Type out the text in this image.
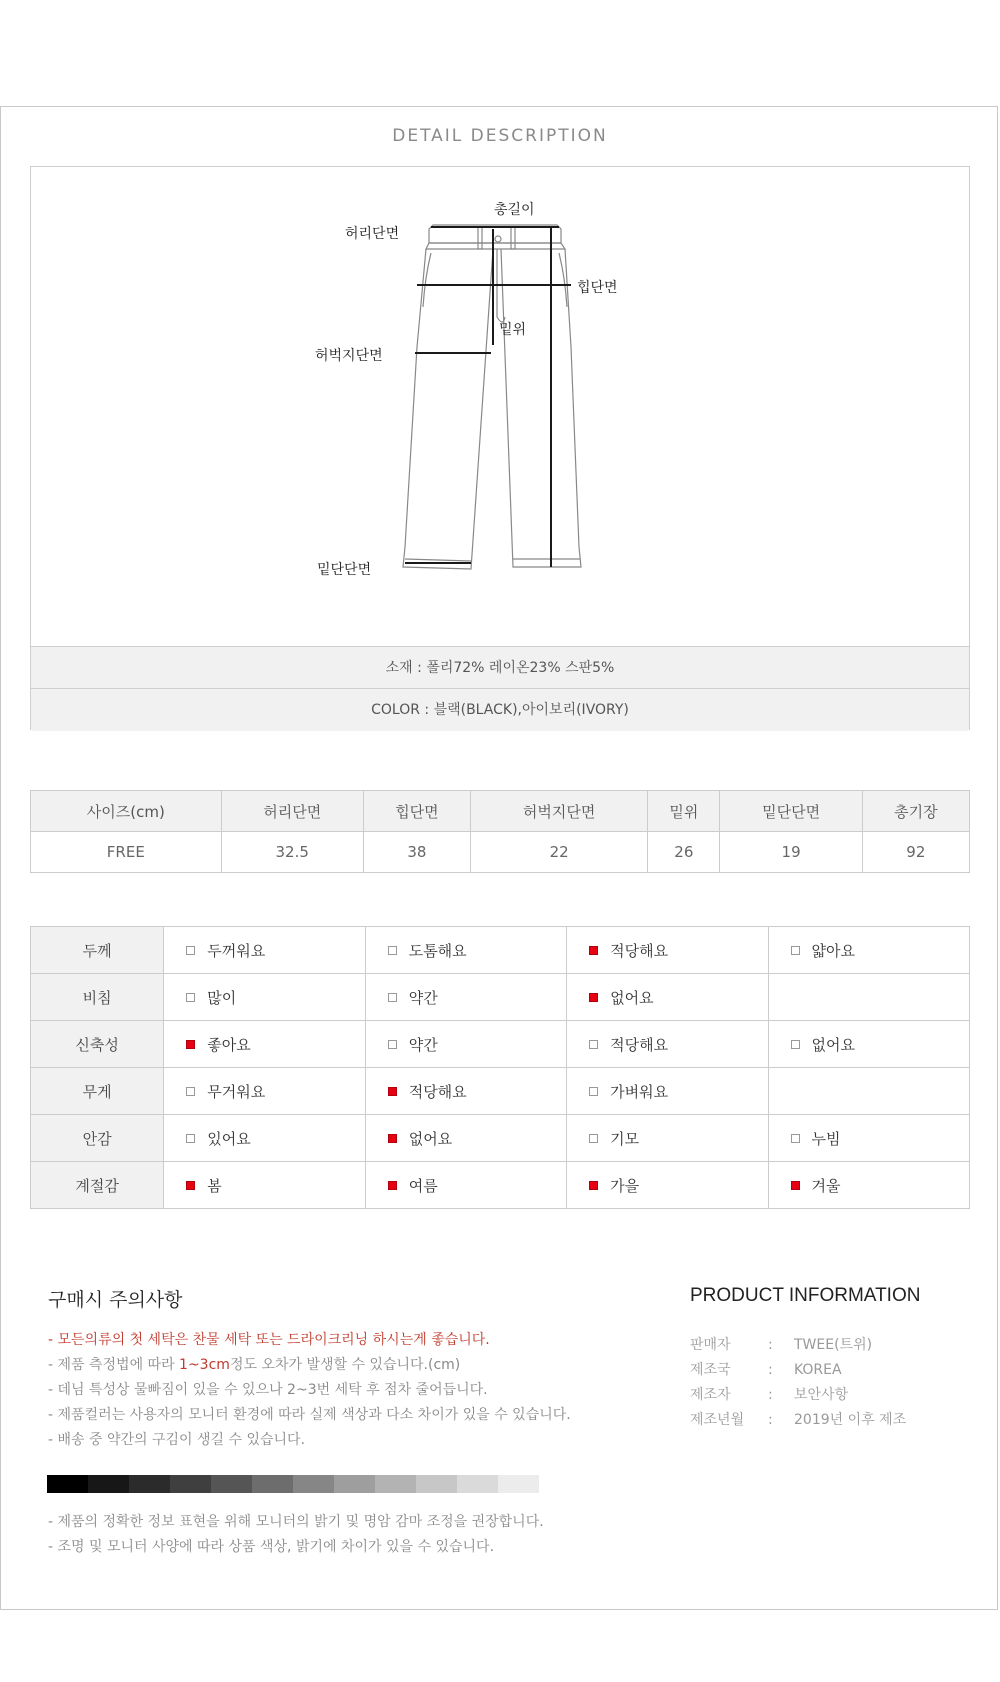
DETAIL DESCRIPTION
허리단면
총길이
힙단면
밑위
허벅지단면
밑단단면
소재 : 폴리72% 레이온23% 스판5%
COLOR : 블랙(BLACK),아이보리(IVORY)
사이즈(cm)	허리단면	힙단면	허벅지단면	밑위	밑단단면	총기장
FREE	32.5	38	22	26	19	92
두께	두꺼워요	도톰해요	적당해요	얇아요
비침	많이	약간	없어요	
신축성	좋아요	약간	적당해요	없어요
무게	무거워요	적당해요	가벼워요	
안감	있어요	없어요	기모	누빔
계절감	봄	여름	가을	겨울
구매시 주의사항
- 모든의류의 첫 세탁은 찬물 세탁 또는 드라이크리닝 하시는게 좋습니다.
- 제품 측정법에 따라 1~3cm정도 오차가 발생할 수 있습니다.(cm)
- 데님 특성상 물빠짐이 있을 수 있으나 2~3번 세탁 후 점차 줄어듭니다.
- 제품컬러는 사용자의 모니터 환경에 따라 실제 색상과 다소 차이가 있을 수 있습니다.
- 배송 중 약간의 구김이 생길 수 있습니다.
- 제품의 정확한 정보 표현을 위해 모니터의 밝기 및 명암 감마 조정을 권장합니다.
- 조명 및 모니터 사양에 따라 상품 색상, 밝기에 차이가 있을 수 있습니다.
PRODUCT INFORMATION
판매자	: TWEE(트위)
제조국	: KOREA
제조자	: 보안사항
제조년월 : 2019년 이후 제조
